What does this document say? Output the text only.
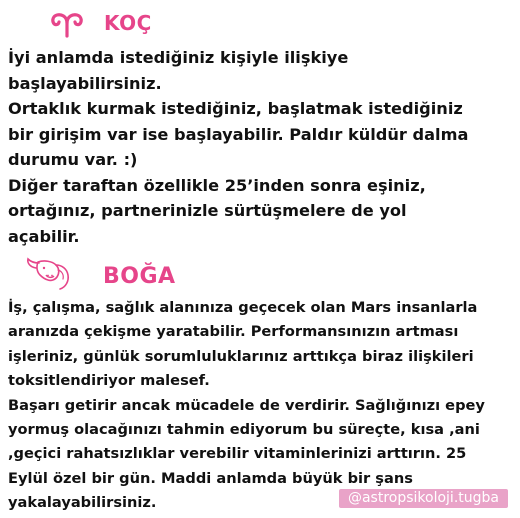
KOÇ

İyi anlamda istediğiniz kişiyle ilişkiye
başlayabilirsiniz.
Ortaklık kurmak istediğiniz, başlatmak istediğiniz
bir girişim var ise başlayabilir. Paldır küldür dalma
durumu var. :)
Diğer taraftan özellikle 25’inden sonra eşiniz,
ortağınız, partnerinizle sürtüşmelere de yol
açabilir.

BOĞA

İş, çalışma, sağlık alanınıza geçecek olan Mars insanlarla
aranızda çekişme yaratabilir. Performansınızın artması
işleriniz, günlük sorumluluklarınız arttıkça biraz ilişkileri
toksitlendiriyor malesef.
Başarı getirir ancak mücadele de verdirir. Sağlığınızı epey
yormuş olacağınızı tahmin ediyorum bu süreçte, kısa ,ani
,geçici rahatsızlıklar verebilir vitaminlerinizi arttırın. 25
Eylül özel bir gün. Maddi anlamda büyük bir şans
yakalayabilirsiniz.	@astropsikoloji.tugba
